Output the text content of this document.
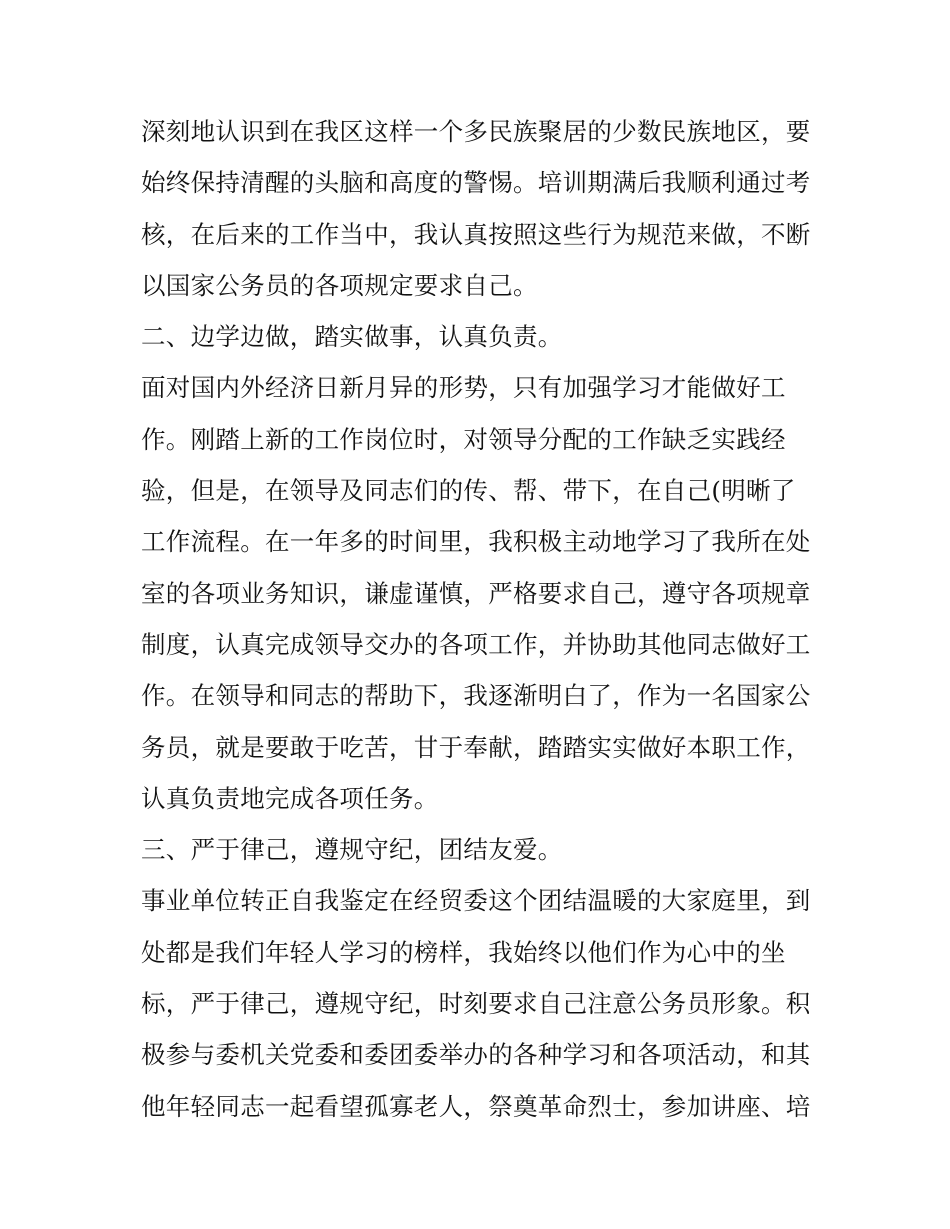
深刻地认识到在我区这样一个多民族聚居的少数民族地区，要
始终保持清醒的头脑和高度的警惕。培训期满后我顺利通过考
核，在后来的工作当中，我认真按照这些行为规范来做，不断
以国家公务员的各项规定要求自己。
二、边学边做，踏实做事，认真负责。
面对国内外经济日新月异的形势，只有加强学习才能做好工
作。刚踏上新的工作岗位时，对领导分配的工作缺乏实践经
验，但是，在领导及同志们的传、帮、带下，在自己(明晰了
工作流程。在一年多的时间里，我积极主动地学习了我所在处
室的各项业务知识，谦虚谨慎，严格要求自己，遵守各项规章
制度，认真完成领导交办的各项工作，并协助其他同志做好工
作。在领导和同志的帮助下，我逐渐明白了，作为一名国家公
务员，就是要敢于吃苦，甘于奉献，踏踏实实做好本职工作，
认真负责地完成各项任务。
三、严于律己，遵规守纪，团结友爱。
事业单位转正自我鉴定在经贸委这个团结温暖的大家庭里，到
处都是我们年轻人学习的榜样，我始终以他们作为心中的坐
标，严于律己，遵规守纪，时刻要求自己注意公务员形象。积
极参与委机关党委和委团委举办的各种学习和各项活动，和其
他年轻同志一起看望孤寡老人，祭奠革命烈士，参加讲座、培
